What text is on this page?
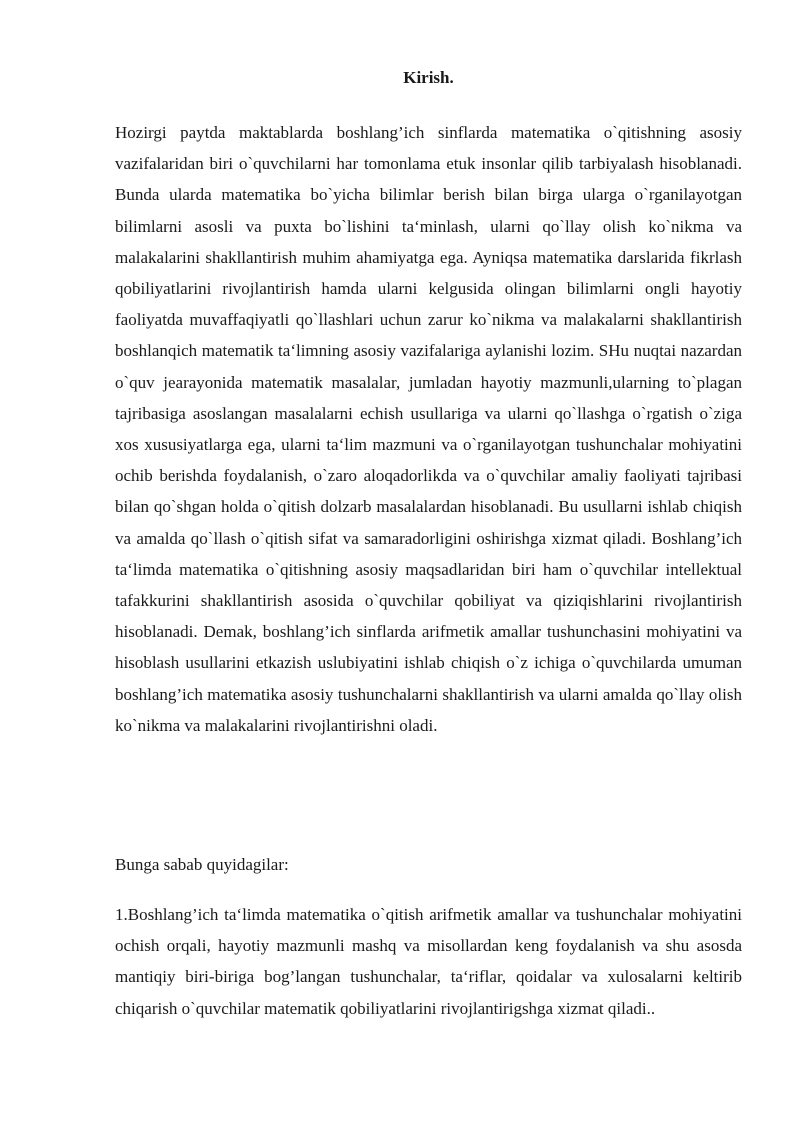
Kirish.

Hozirgi paytda maktablarda boshlang’ich sinflarda matematika o`qitishning asosiy vazifalaridan biri o`quvchilarni har tomonlama etuk insonlar qilib tarbiyalash hisoblanadi. Bunda ularda matematika bo`yicha bilimlar berish bilan birga ularga o`rganilayotgan bilimlarni asosli va puxta bo`lishini ta‘minlash, ularni qo`llay olish ko`nikma va malakalarini shakllantirish muhim ahamiyatga ega. Ayniqsa matematika darslarida fikrlash qobiliyatlarini rivojlantirish hamda ularni kelgusida olingan bilimlarni ongli hayotiy faoliyatda muvaffaqiyatli qo`llashlari uchun zarur ko`nikma va malakalarni shakllantirish boshlanqich matematik ta‘limning asosiy vazifalariga aylanishi lozim. SHu nuqtai nazardan o`quv jearayonida matematik masalalar, jumladan hayotiy mazmunli,ularning to`plagan tajribasiga asoslangan masalalarni echish usullariga va ularni qo`llashga o`rgatish o`ziga xos xususiyatlarga ega, ularni ta‘lim mazmuni va o`rganilayotgan tushunchalar mohiyatini ochib berishda foydalanish, o`zaro aloqadorlikda va o`quvchilar amaliy faoliyati tajribasi bilan qo`shgan holda o`qitish dolzarb masalalardan hisoblanadi. Bu usullarni ishlab chiqish va amalda qo`llash o`qitish sifat va samaradorligini oshirishga xizmat qiladi. Boshlang’ich ta‘limda matematika o`qitishning asosiy maqsadlaridan biri ham o`quvchilar intellektual tafakkurini shakllantirish asosida o`quvchilar qobiliyat va qiziqishlarini rivojlantirish hisoblanadi. Demak, boshlang’ich sinflarda arifmetik amallar tushunchasini mohiyatini va hisoblash usullarini etkazish uslubiyatini ishlab chiqish o`z ichiga o`quvchilarda umuman boshlang’ich matematika asosiy tushunchalarni shakllantirish va ularni amalda qo`llay olish ko`nikma va malakalarini rivojlantirishni oladi.

Bunga sabab quyidagilar:

1.Boshlang’ich ta‘limda matematika o`qitish arifmetik amallar va tushunchalar mohiyatini ochish orqali, hayotiy mazmunli mashq va misollardan keng foydalanish va shu asosda mantiqiy biri-biriga bog’langan tushunchalar, ta‘riflar, qoidalar va xulosalarni keltirib chiqarish o`quvchilar matematik qobiliyatlarini rivojlantirigshga xizmat qiladi..
